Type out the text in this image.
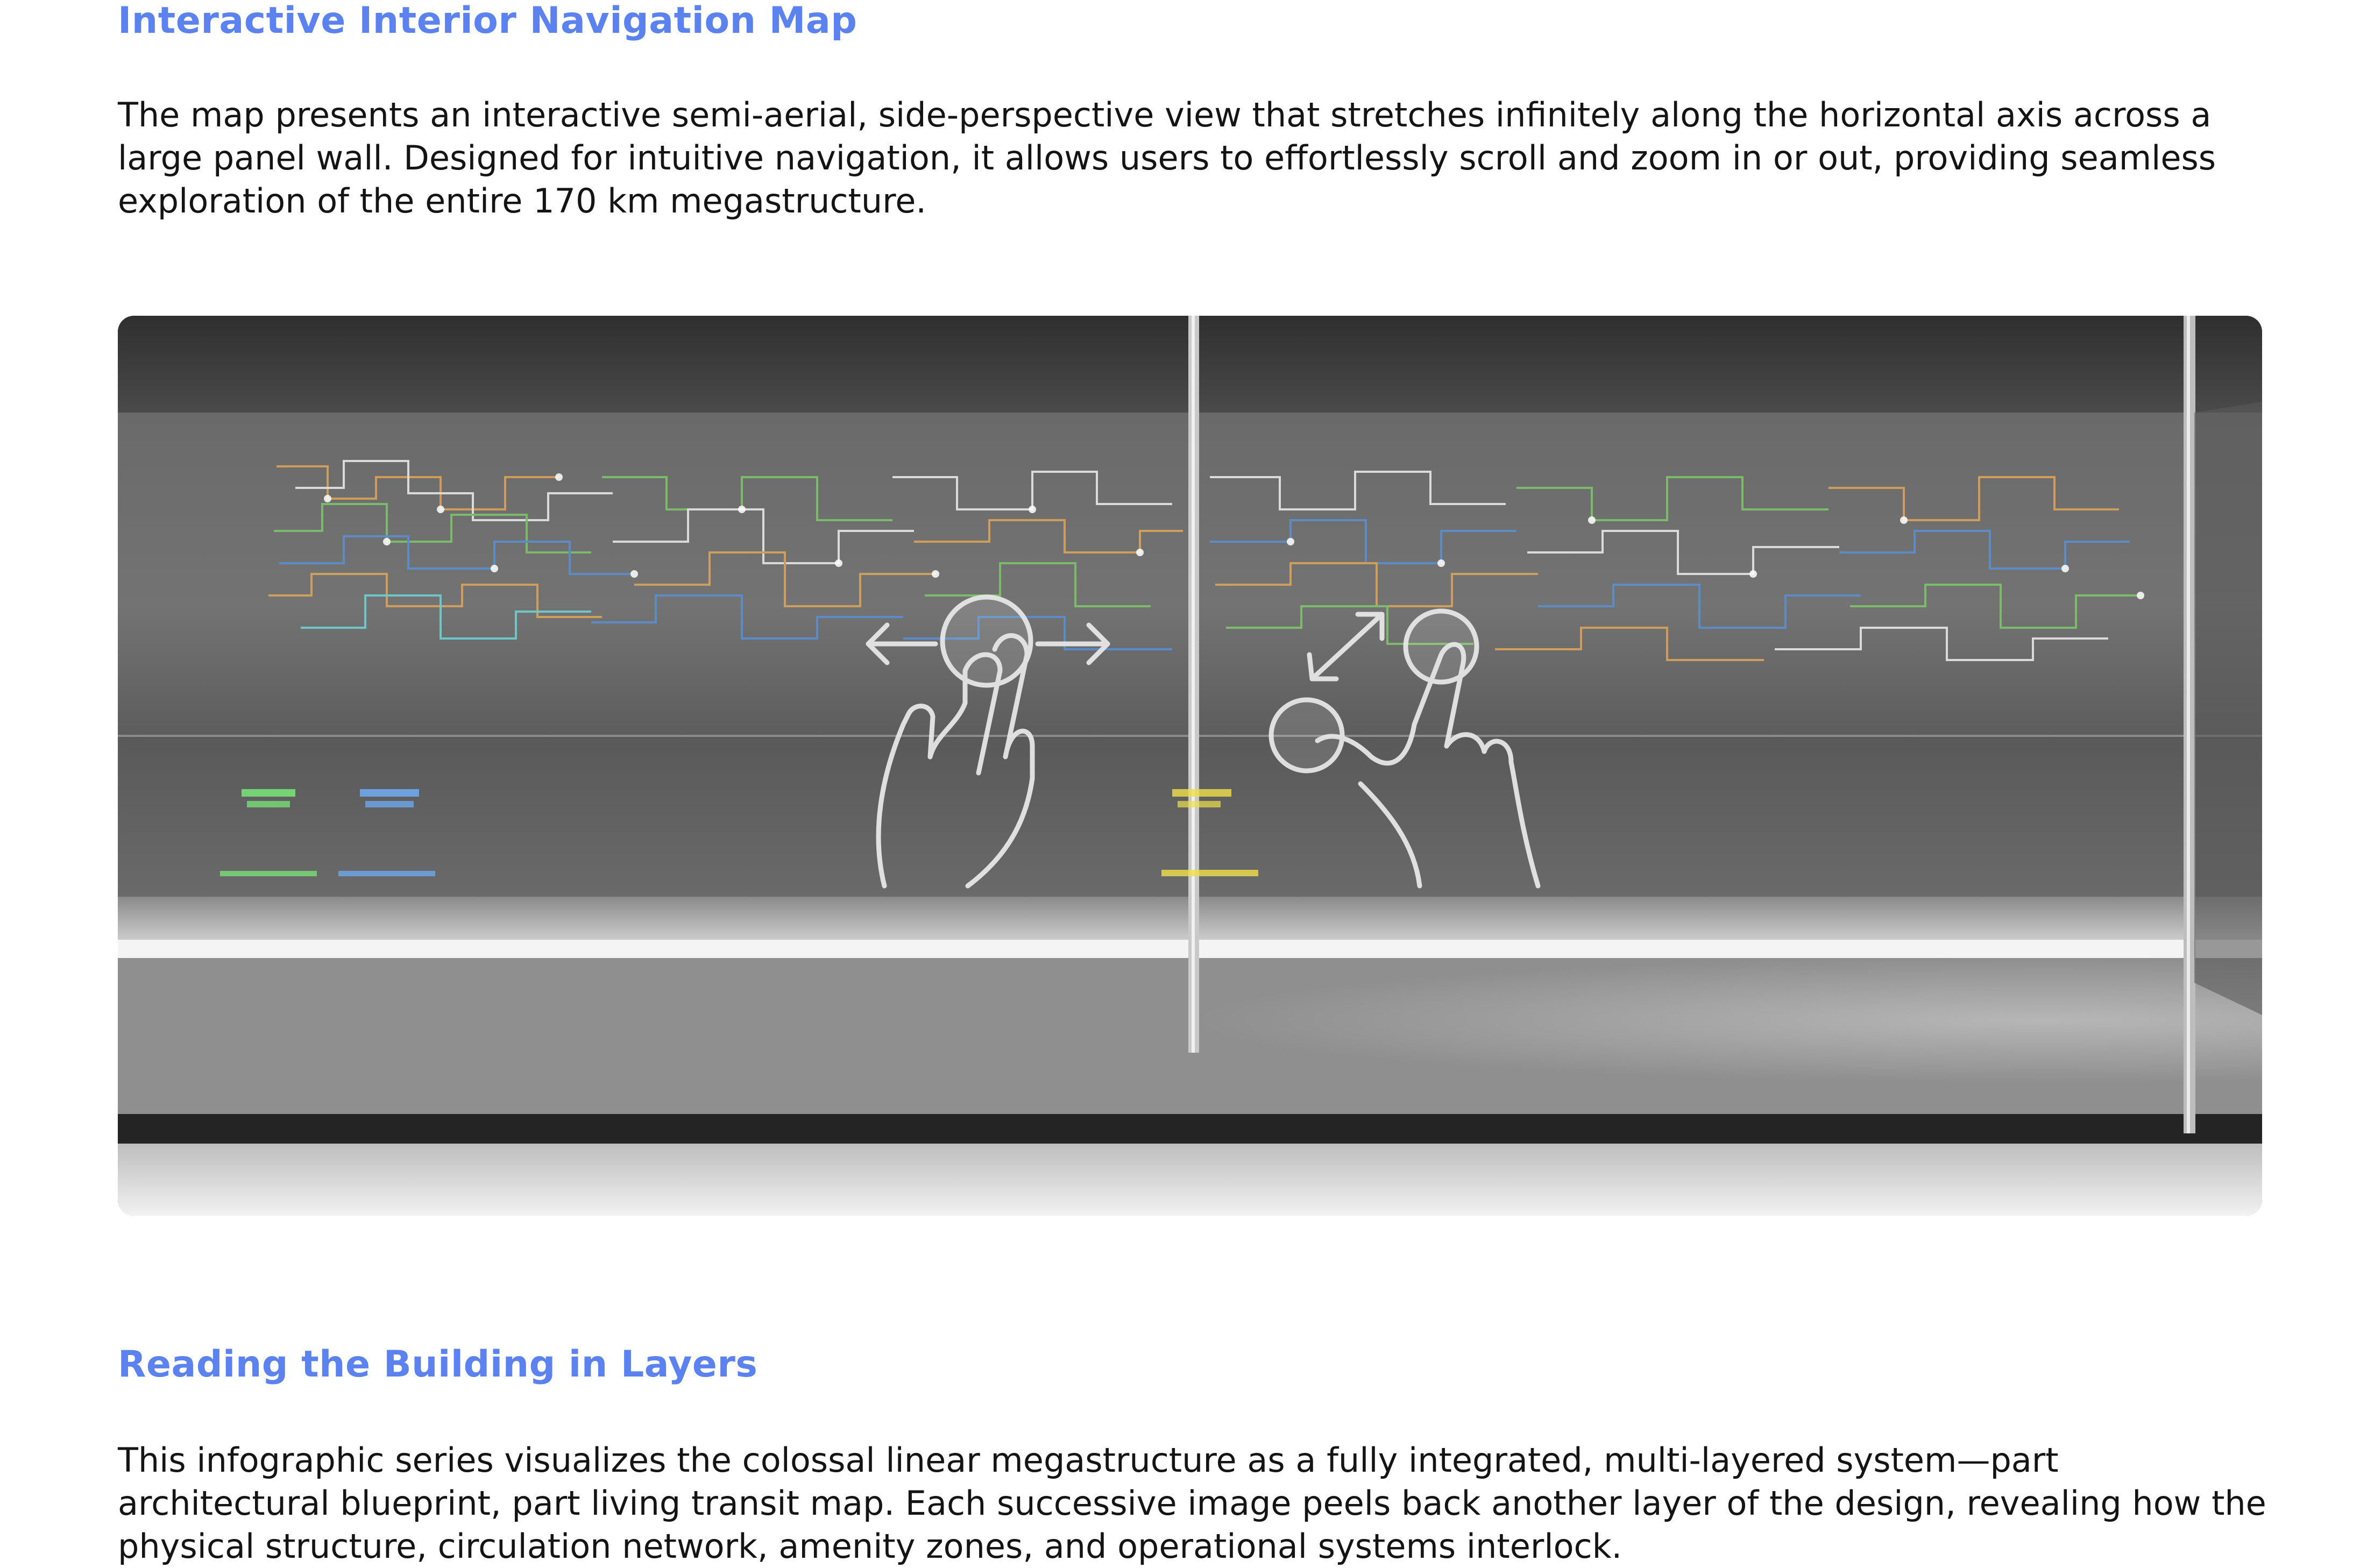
Interactive Interior Navigation Map

The map presents an interactive semi-aerial, side-perspective view that stretches infinitely along the horizontal axis across a large panel wall. Designed for intuitive navigation, it allows users to effortlessly scroll and zoom in or out, providing seamless exploration of the entire 170 km megastructure.

Reading the Building in Layers

This infographic series visualizes the colossal linear megastructure as a fully integrated, multi-layered system—part architectural blueprint, part living transit map. Each successive image peels back another layer of the design, revealing how the physical structure, circulation network, amenity zones, and operational systems interlock.
